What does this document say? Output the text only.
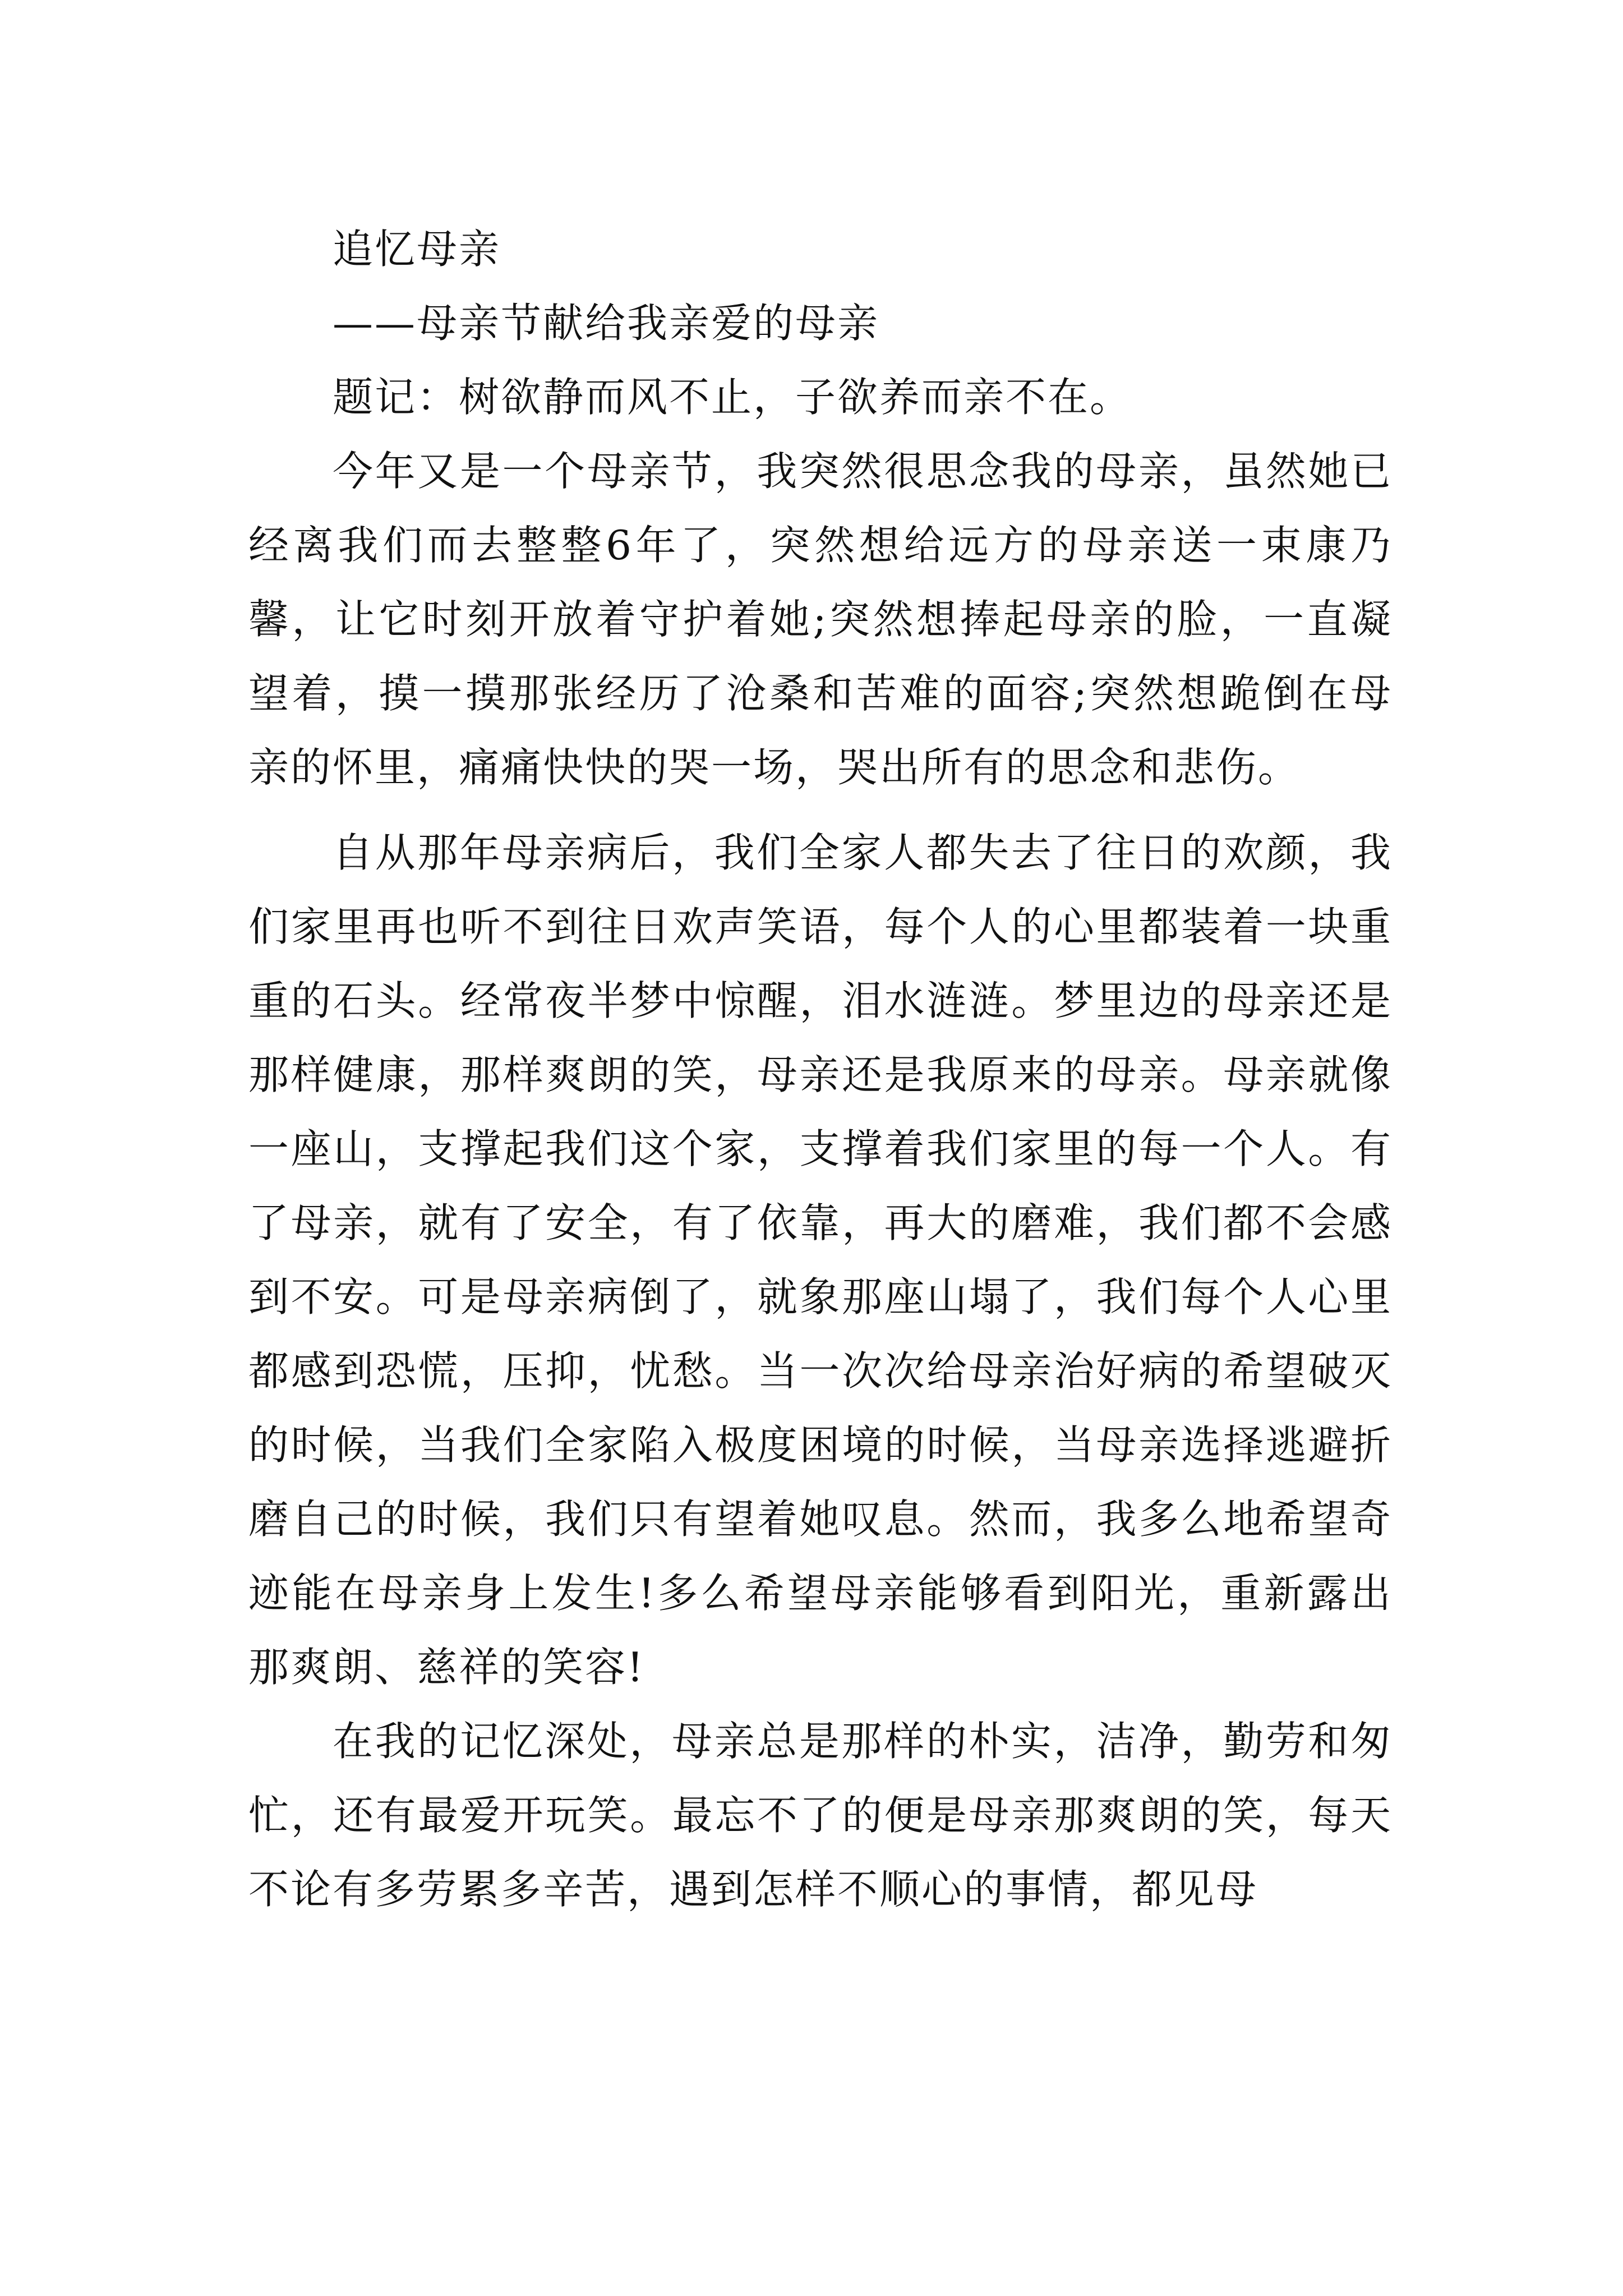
追忆母亲

——母亲节献给我亲爱的母亲

题记：树欲静而风不止，子欲养而亲不在。

今年又是一个母亲节，我突然很思念我的母亲，虽然她已经离我们而去整整6年了，突然想给远方的母亲送一束康乃馨，让它时刻开放着守护着她;突然想捧起母亲的脸，一直凝望着，摸一摸那张经历了沧桑和苦难的面容;突然想跪倒在母亲的怀里，痛痛快快的哭一场，哭出所有的思念和悲伤。

自从那年母亲病后，我们全家人都失去了往日的欢颜，我们家里再也听不到往日欢声笑语，每个人的心里都装着一块重重的石头。经常夜半梦中惊醒，泪水涟涟。梦里边的母亲还是那样健康，那样爽朗的笑，母亲还是我原来的母亲。母亲就像一座山，支撑起我们这个家，支撑着我们家里的每一个人。有了母亲，就有了安全，有了依靠，再大的磨难，我们都不会感到不安。可是母亲病倒了，就象那座山塌了，我们每个人心里都感到恐慌，压抑，忧愁。当一次次给母亲治好病的希望破灭的时候，当我们全家陷入极度困境的时候，当母亲选择逃避折磨自己的时候，我们只有望着她叹息。然而，我多么地希望奇迹能在母亲身上发生!多么希望母亲能够看到阳光，重新露出那爽朗、慈祥的笑容!

在我的记忆深处，母亲总是那样的朴实，洁净，勤劳和匆忙，还有最爱开玩笑。最忘不了的便是母亲那爽朗的笑，每天不论有多劳累多辛苦，遇到怎样不顺心的事情，都见母
